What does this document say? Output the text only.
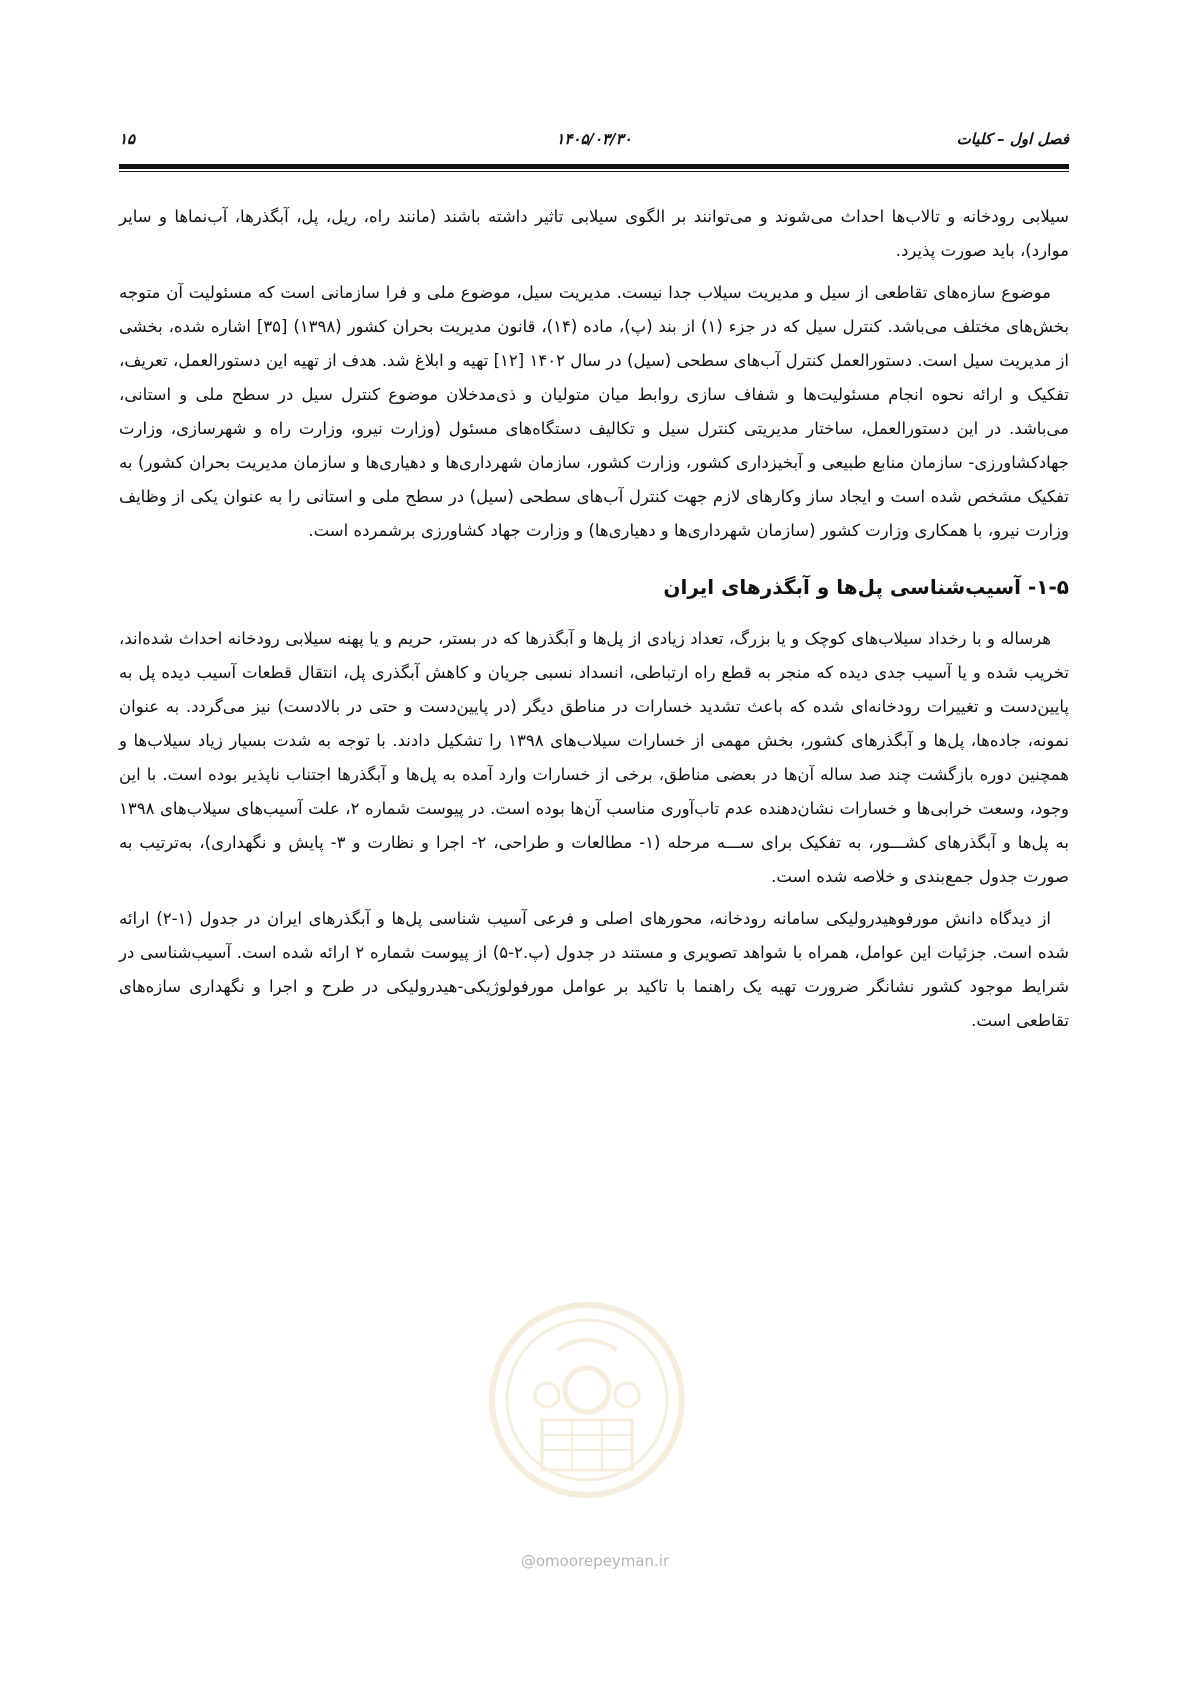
فصل اول – کلیات
۱۴۰۵/۰۳/۳۰
۱۵

سیلابی رودخانه و تالاب‌ها احداث می‌شوند و می‌توانند بر الگوی سیلابی تاثیر داشته باشند (مانند راه، ریل، پل، آبگذرها، آب‌نماها و سایر موارد)، باید صورت پذیرد.

موضوع سازه‌های تقاطعی از سیل و مدیریت سیلاب جدا نیست. مدیریت سیل، موضوع ملی و فرا سازمانی است که مسئولیت آن متوجه بخش‌های مختلف می‌باشد. کنترل سیل که در جزء (۱) از بند (پ)، ماده (۱۴)، قانون مدیریت بحران کشور (۱۳۹۸) [۳۵] اشاره شده، بخشی از مدیریت سیل است. دستورالعمل کنترل آب‌های سطحی (سیل) در سال ۱۴۰۲ [۱۲] تهیه و ابلاغ شد. هدف از تهیه این دستورالعمل، تعریف، تفکیک و ارائه نحوه انجام مسئولیت‌ها و شفاف سازی روابط میان متولیان و ذی‌مدخلان موضوع کنترل سیل در سطح ملی و استانی، می‌باشد. در این دستورالعمل، ساختار مدیریتی کنترل سیل و تکالیف دستگاه‌های مسئول (وزارت نیرو، وزارت راه و شهرسازی، وزارت جهادکشاورزی- سازمان منابع طبیعی و آبخیزداری کشور، وزارت کشور، سازمان شهرداری‌ها و دهیاری‌ها و سازمان مدیریت بحران کشور) به تفکیک مشخص شده است و ایجاد ساز وکارهای لازم جهت کنترل آب‌های سطحی (سیل) در سطح ملی و استانی را به عنوان یکی از وظایف وزارت نیرو، با همکاری وزارت کشور (سازمان شهرداری‌ها و دهیاری‌ها) و وزارت جهاد کشاورزی برشمرده است.

۱-۵- آسیب‌شناسی پل‌ها و آبگذرهای ایران

هرساله و با رخداد سیلاب‌های کوچک و یا بزرگ، تعداد زیادی از پل‌ها و آبگذرها که در بستر، حریم و یا پهنه سیلابی رودخانه احداث شده‌اند، تخریب شده و یا آسیب جدی دیده که منجر به قطع راه ارتباطی، انسداد نسبی جریان و کاهش آبگذری پل، انتقال قطعات آسیب دیده پل به پایین‌دست و تغییرات رودخانه‌ای شده که باعث تشدید خسارات در مناطق دیگر (در پایین‌دست و حتی در بالادست) نیز می‌گردد. به عنوان نمونه، جاده‌ها، پل‌ها و آبگذرهای کشور، بخش مهمی از خسارات سیلاب‌های ۱۳۹۸ را تشکیل دادند. با توجه به شدت بسیار زیاد سیلاب‌ها و همچنین دوره بازگشت چند صد ساله آن‌ها در بعضی مناطق، برخی از خسارات وارد آمده به پل‌ها و آبگذرها اجتناب ناپذیر بوده است. با این وجود، وسعت خرابی‌ها و خسارات نشان‌دهنده عدم تاب‌آوری مناسب آن‌ها بوده است. در پیوست شماره ۲، علت آسیب‌های سیلاب‌های ۱۳۹۸ به پل‌ها و آبگذرهای کشـــور، به تفکیک برای ســـه مرحله (۱- مطالعات و طراحی، ۲- اجرا و نظارت و ۳- پایش و نگهداری)، به‌ترتیب به صورت جدول جمع‌بندی و خلاصه شده است.

از دیدگاه دانش مورفوهیدرولیکی سامانه رودخانه، محورهای اصلی و فرعی آسیب شناسی پل‌ها و آبگذرهای ایران در جدول (۱-۲) ارائه شده است. جزئیات این عوامل، همراه با شواهد تصویری و مستند در جدول (پ.۲-۵) از پیوست شماره ۲ ارائه شده است. آسیب‌شناسی در شرایط موجود کشور نشانگر ضرورت تهیه یک راهنما با تاکید بر عوامل مورفولوژیکی-هیدرولیکی در طرح و اجرا و نگهداری سازه‌های تقاطعی است.

@omoorepeyman.ir
